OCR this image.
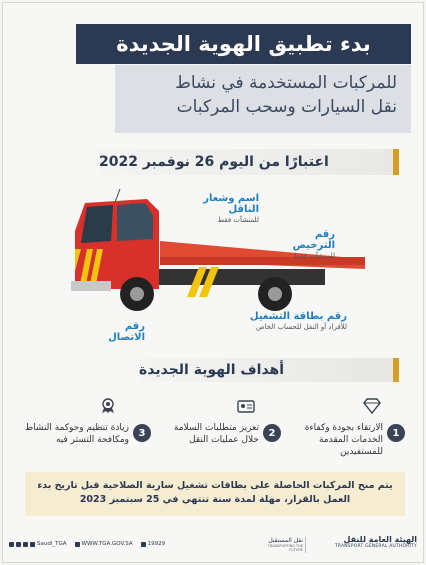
بدء تطبيق الهوية الجديدة
للمركبات المستخدمة في نشاط
نقل السيارات وسحب المركبات
اعتبارًا من اليوم 26 نوفمبر 2022
اسم وشعار الناقل
للمنشآت فقط
رقم الترخيص
للمنشآت فقط
رقم بطاقة التشغيل
للأفراد أو النقل للحساب الخاص
رقم الاتصال
أهداف الهوية الجديدة
1
الارتقاء بجودة وكفاءة الخدمات المقدمة للمستفيدين
2
تعزيز متطلبات السلامة خلال عمليات النقل
3
زيادة تنظيم وحوكمة النشاط ومكافحة التستر فيه
يتم منح المركبات الحاصلة على بطاقات تشغيل سارية الصلاحية قبل تاريخ بدء
العمل بالقرار، مهلة لمدة سنة تنتهي في 25 سبتمبر 2023
Saudi_TGA	WWW.TGA.GOV.SA	19929	نقل المستقبل
TRANSPORTING THE FUTURE
الهيئة العامة للنقل
TRANSPORT GENERAL AUTHORITY
